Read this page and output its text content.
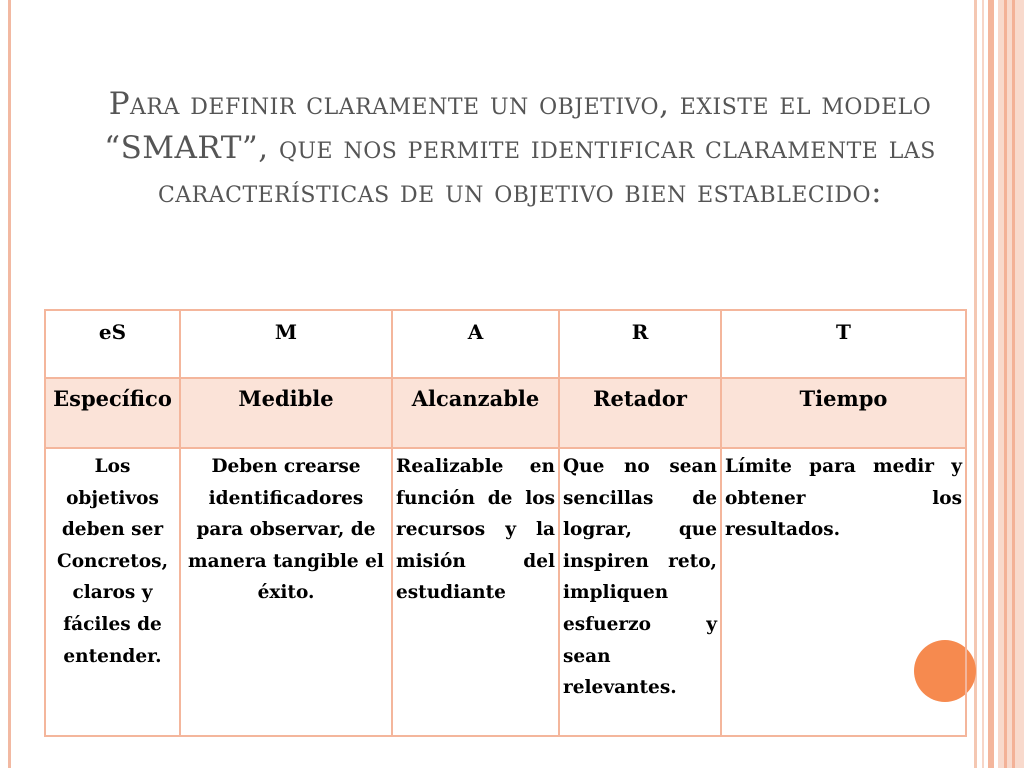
Para definir claramente un objetivo, existe el modelo “SMART”, que nos permite identificar claramente las características de un objetivo bien establecido:
eS	M	A	R	T
Específico	Medible	Alcanzable	Retador	Tiempo
Los objetivos deben ser Concretos, claros y fáciles de entender.	Deben crearse identificadores para observar, de manera tangible el éxito.	Realizable en función de los recursos y la misión del estudiante	Que no sean sencillas de lograr, que inspiren reto, impliquen esfuerzo y sean relevantes.	Límite para medir y obtener los resultados.
